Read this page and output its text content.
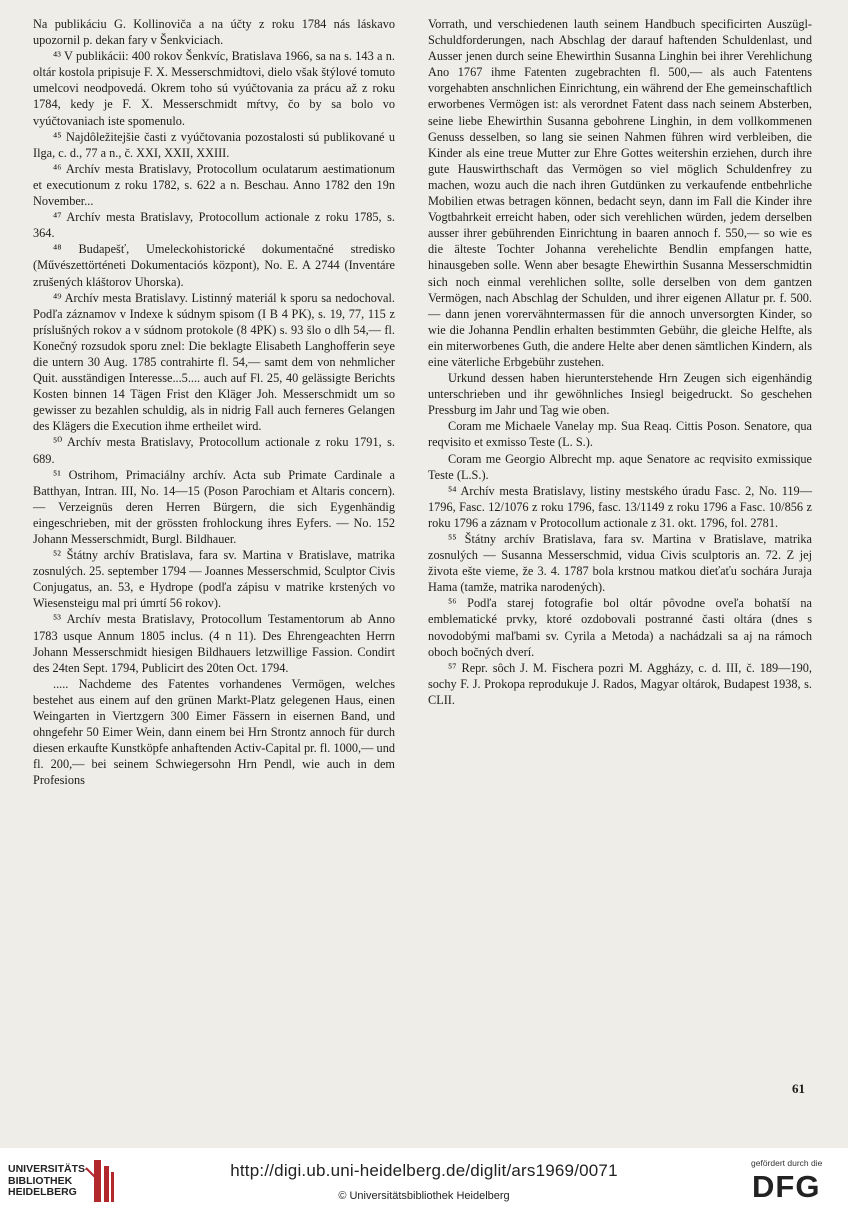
Na publikáciu G. Kollinoviča a na účty z roku 1784 nás láskavo upozornil p. dekan fary v Šenkviciach.

⁴³ V publikácii: 400 rokov Šenkvíc, Bratislava 1966, sa na s. 143 a n. oltár kostola pripisuje F. X. Messerschmidtovi, dielo však štýlové tomuto umelcovi neodpovedá. Okrem toho sú vyúčtovania za prácu až z roku 1784, kedy je F. X. Messerschmidt mŕtvy, čo by sa bolo vo vyúčtovaniach iste spomenulo.

⁴⁵ Najdôležitejšie časti z vyúčtovania pozostalosti sú publikované u Ilga, c. d., 77 a n., č. XXI, XXII, XXIII.

⁴⁶ Archív mesta Bratislavy, Protocollum oculatarum aestimationum et executionum z roku 1782, s. 622 a n. Beschau. Anno 1782 den 19n November...

⁴⁷ Archív mesta Bratislavy, Protocollum actionale z roku 1785, s. 364.

⁴⁸ Budapešť, Umeleckohistorické dokumentačné stredisko (Művészettörténeti Dokumentaciós központ), No. E. A 2744 (Inventáre zrušených kláštorov Uhorska).

⁴⁹ Archív mesta Bratislavy. Listinný materiál k sporu sa nedochoval. Podľa záznamov v Indexe k súdnym spisom (I B 4 PK), s. 19, 77, 115 z príslušných rokov a v súdnom protokole (8 4PK) s. 93 šlo o dlh 54,— fl. Konečný rozsudok sporu znel: Die beklagte Elisabeth Langhofferin seye die untern 30 Aug. 1785 contrahirte fl. 54,— samt dem von nehmlicher Quit. ausständigen Interesse...5.... auch auf Fl. 25, 40 gelässigte Berichts Kosten binnen 14 Tägen Frist den Kläger Joh. Messerschmidt um so gewisser zu bezahlen schuldig, als in nidrig Fall auch ferneres Gelangen des Klägers die Execution ihme ertheilet wird.

⁵⁰ Archív mesta Bratislavy, Protocollum actionale z roku 1791, s. 689.

⁵¹ Ostrihom, Primaciálny archív. Acta sub Primate Cardinale a Batthyan, Intran. III, No. 14—15 (Poson Parochiam et Altaris concern). — Verzeignüs deren Herren Bürgern, die sich Eygenhändig eingeschrieben, mit der grössten frohlockung ihres Eyfers. — No. 152 Johann Messerschmidt, Burgl. Bildhauer.

⁵² Štátny archív Bratislava, fara sv. Martina v Bratislave, matrika zosnulých. 25. september 1794 — Joannes Messerschmid, Sculptor Civis Conjugatus, an. 53, e Hydrope (podľa zápisu v matrike krstených vo Wiesensteigu mal pri úmrtí 56 rokov).

⁵³ Archív mesta Bratislavy, Protocollum Testamentorum ab Anno 1783 usque Annum 1805 inclus. (4 n 11). Des Ehrengeachten Herrn Johann Messerschmidt hiesigen Bildhauers letzwillige Fassion. Condirt des 24ten Sept. 1794, Publicirt des 20ten Oct. 1794.

..... Nachdeme des Fatentes vorhandenes Vermögen, welches bestehet aus einem auf den grünen Markt-Platz gelegenen Haus, einen Weingarten in Viertzgern 300 Eimer Fässern in eisernen Band, und ohngefehr 50 Eimer Wein, dann einem bei Hrn Strontz annoch für durch diesen erkaufte Kunstköpfe anhaftenden Activ-Capital pr. fl. 1000,— und fl. 200,— bei seinem Schwiegersohn Hrn Pendl, wie auch in dem Profesions

Vorrath, und verschiedenen lauth seinem Handbuch specificirten Auszügl- Schuldforderungen, nach Abschlag der darauf haftenden Schuldenlast, und Ausser jenen durch seine Ehewirthin Susanna Linghin bei ihrer Verehlichung Ano 1767 ihme Fatenten zugebrachten fl. 500,— als auch Fatentens vorgehabten anschnlichen Einrichtung, ein während der Ehe gemeinschaftlich erworbenes Vermögen ist: als verordnet Fatent dass nach seinem Absterben, seine liebe Ehewirthin Susanna gebohrene Linghin, in dem vollkommenen Genuss desselben, so lang sie seinen Nahmen führen wird verbleiben, die Kinder als eine treue Mutter zur Ehre Gottes weitershin erziehen, durch ihre gute Hauswirthschaft das Vermögen so viel möglich Schuldenfrey zu machen, wozu auch die nach ihren Gutdünken zu verkaufende entbehrliche Mobilien etwas betragen können, bedacht seyn, dann im Fall die Kinder ihre Vogtbahrkeit erreicht haben, oder sich verehlichen würden, jedem derselben ausser ihrer gebührenden Einrichtung in baaren annoch f. 550,— so wie es die älteste Tochter Johanna verehelichte Bendlin empfangen hatte, hinausgeben solle. Wenn aber besagte Ehewirthin Susanna Messerschmidtin sich noch einmal verehlichen sollte, solle derselben von dem gantzen Vermögen, nach Abschlag der Schulden, und ihrer eigenen Allatur pr. f. 500.— dann jenen vorervähntermassen für die annoch unversorgten Kinder, so wie die Johanna Pendlin erhalten bestimmten Gebühr, die gleiche Helfte, als ein miterworbenes Guth, die andere Helte aber denen sämtlichen Kindern, als eine väterliche Erbgebühr zustehen.

Urkund dessen haben hierunterstehende Hrn Zeugen sich eigenhändig unterschrieben und ihr gewöhnliches Insiegl beigedruckt. So geschehen Pressburg im Jahr und Tag wie oben.

Coram me Michaele Vanelay mp. Sua Reaq. Cittis Poson. Senatore, qua reqvisito et exmisso Teste (L. S.).

Coram me Georgio Albrecht mp. aque Senatore ac reqvisito exmissique Teste (L.S.).

⁵⁴ Archív mesta Bratislavy, listiny mestského úradu Fasc. 2, No. 119—1796, Fasc. 12/1076 z roku 1796, fasc. 13/1149 z roku 1796 a Fasc. 10/856 z roku 1796 a záznam v Protocollum actionale z 31. okt. 1796, fol. 2781.

⁵⁵ Štátny archív Bratislava, fara sv. Martina v Bratislave, matrika zosnulých — Susanna Messerschmid, vidua Civis sculptoris an. 72. Z jej života ešte vieme, že 3. 4. 1787 bola krstnou matkou dieťaťu sochára Juraja Hama (tamže, matrika narodených).

⁵⁶ Podľa starej fotografie bol oltár pôvodne oveľa bohatší na emblematické prvky, ktoré ozdobovali postranné časti oltára (dnes s novodobými maľbami sv. Cyrila a Metoda) a nachádzali sa aj na rámoch oboch bočných dverí.

⁵⁷ Repr. sôch J. M. Fischera pozri M. Aggházy, c. d. III, č. 189—190, sochy F. J. Prokopa reprodukuje J. Rados, Magyar oltárok, Budapest 1938, s. CLII.

61
UNIVERSITÄTS-
BIBLIOTHEK
HEIDELBERG
http://digi.ub.uni-heidelberg.de/diglit/ars1969/0071
© Universitätsbibliothek Heidelberg
gefördert durch die
DFG
